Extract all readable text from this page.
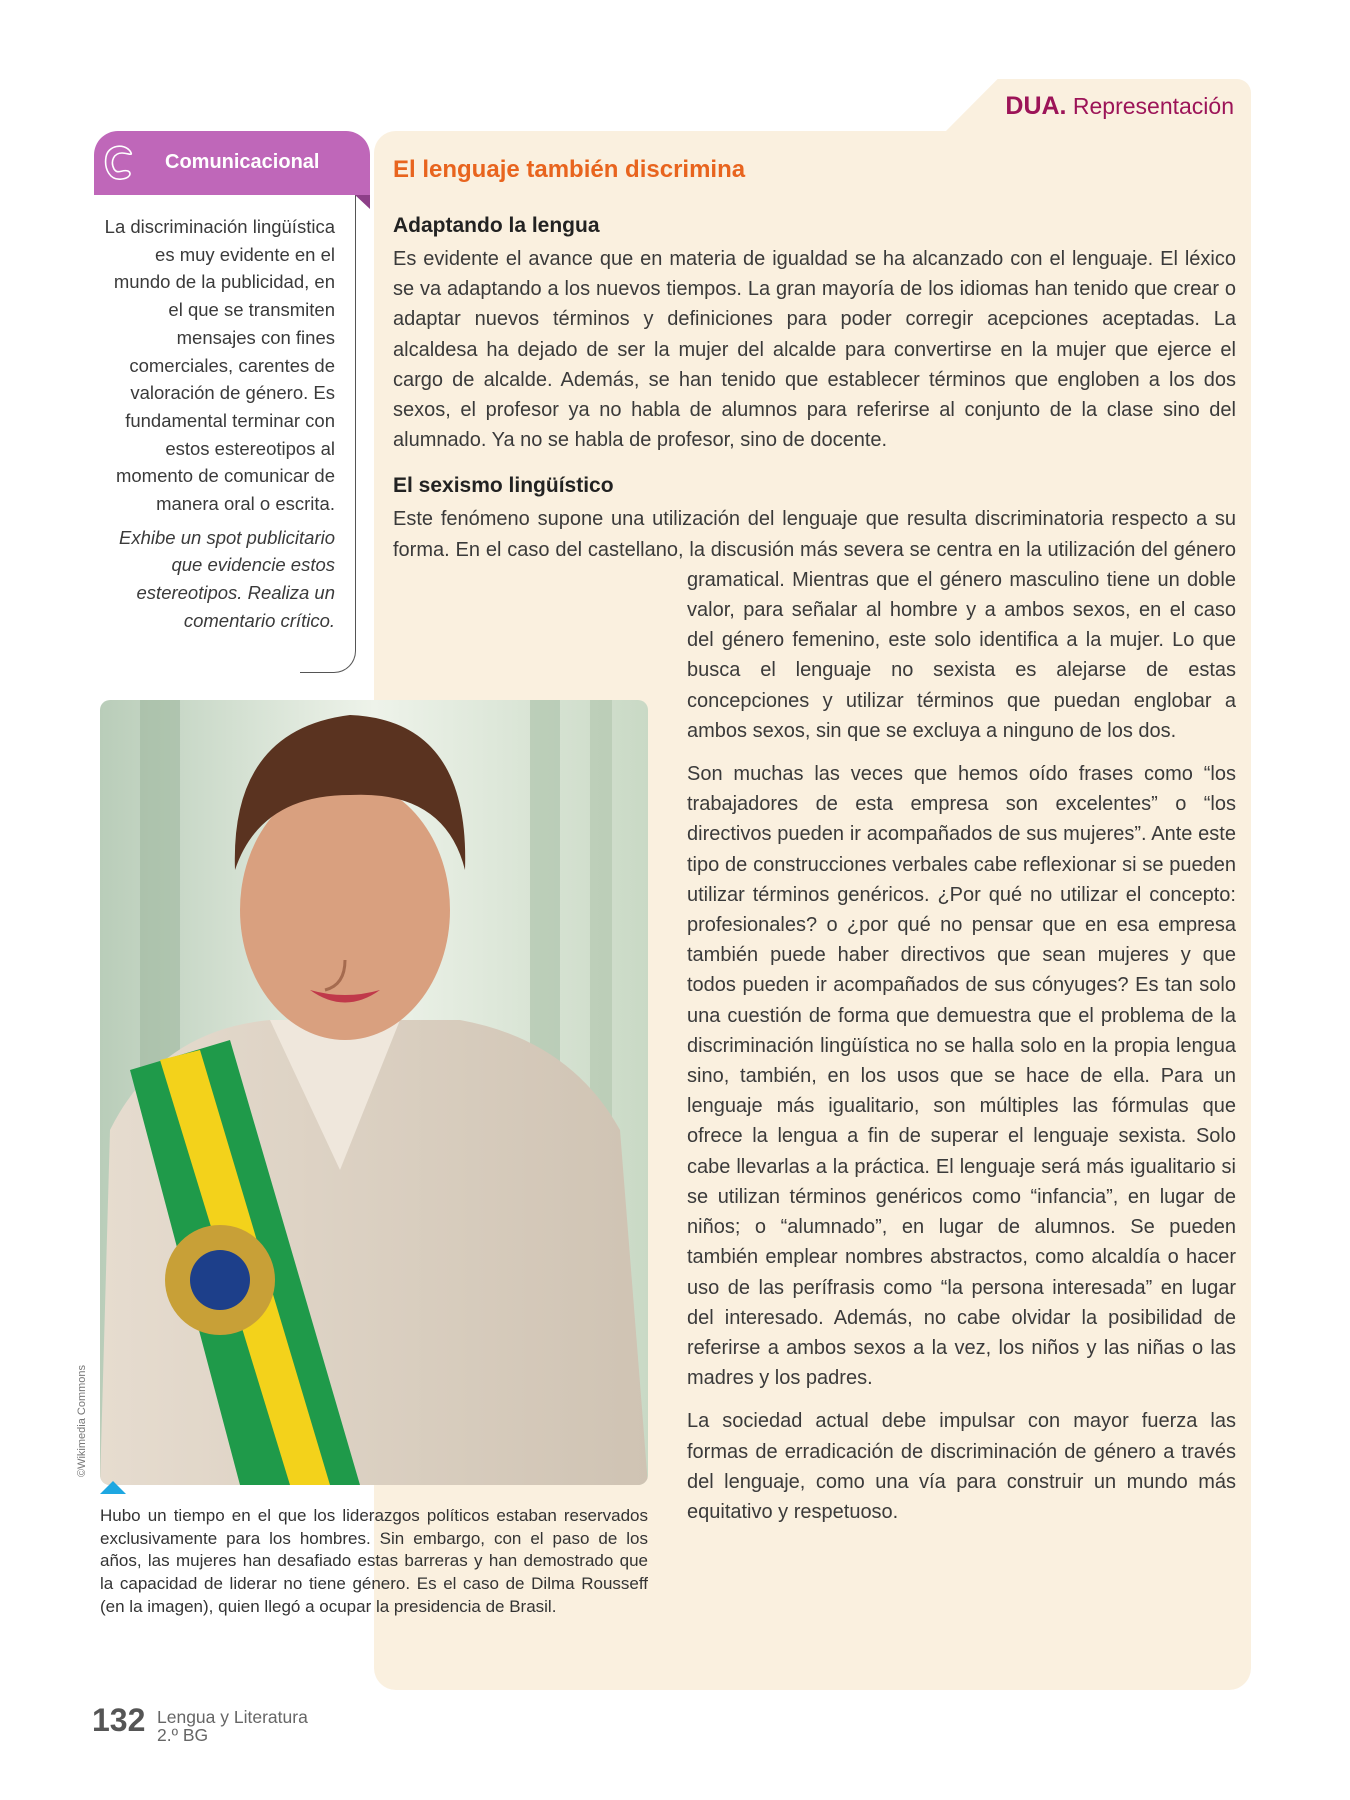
DUA. Representación
Comunicacional

La discriminación lingüística es muy evidente en el mundo de la publicidad, en el que se transmiten mensajes con fines comerciales, carentes de valoración de género. Es fundamental terminar con estos estereotipos al momento de comunicar de manera oral o escrita.

Exhibe un spot publicitario que evidencie estos estereotipos. Realiza un comentario crítico.

El lenguaje también discrimina
Adaptando la lengua

Es evidente el avance que en materia de igualdad se ha alcanzado con el lenguaje. El léxico se va adaptando a los nuevos tiempos. La gran mayoría de los idiomas han tenido que crear o adaptar nuevos términos y definiciones para poder corregir acepciones aceptadas. La alcaldesa ha dejado de ser la mujer del alcalde para convertirse en la mujer que ejerce el cargo de alcalde. Además, se han tenido que establecer términos que engloben a los dos sexos, el profesor ya no habla de alumnos para referirse al conjunto de la clase sino del alumnado. Ya no se habla de profesor, sino de docente.

El sexismo lingüístico

Este fenómeno supone una utilización del lenguaje que resulta discriminatoria respecto a su forma. En el caso del castellano, la discusión más severa se centra en la utilización del género gramatical. Mientras que el género masculino tiene un doble valor, para señalar al hombre y a ambos sexos, en el caso del género femenino, este solo identifica a la mujer. Lo que busca el lenguaje no sexista es alejarse de estas concepciones y utilizar términos que puedan englobar a ambos sexos, sin que se excluya a ninguno de los dos.

Son muchas las veces que hemos oído frases como “los trabajadores de esta empresa son excelentes” o “los directivos pueden ir acompañados de sus mujeres”. Ante este tipo de construcciones verbales cabe reflexionar si se pueden utilizar términos genéricos. ¿Por qué no utilizar el concepto: profesionales? o ¿por qué no pensar que en esa empresa también puede haber directivos que sean mujeres y que todos pueden ir acompañados de sus cónyuges? Es tan solo una cuestión de forma que demuestra que el problema de la discriminación lingüística no se halla solo en la propia lengua sino, también, en los usos que se hace de ella. Para un lenguaje más igualitario, son múltiples las fórmulas que ofrece la lengua a fin de superar el lenguaje sexista. Solo cabe llevarlas a la práctica. El lenguaje será más igualitario si se utilizan términos genéricos como “infancia”, en lugar de niños; o “alumnado”, en lugar de alumnos. Se pueden también emplear nombres abstractos, como alcaldía o hacer uso de las perífrasis como “la persona interesada” en lugar del interesado. Además, no cabe olvidar la posibilidad de referirse a ambos sexos a la vez, los niños y las niñas o las madres y los padres.

La sociedad actual debe impulsar con mayor fuerza las formas de erradicación de discriminación de género a través del lenguaje, como una vía para construir un mundo más equitativo y respetuoso.

©Wikimedia Commons
Hubo un tiempo en el que los liderazgos políticos estaban reservados exclusivamente para los hombres. Sin embargo, con el paso de los años, las mujeres han desafiado estas barreras y han demostrado que la capacidad de liderar no tiene género. Es el caso de Dilma Rousseff (en la imagen), quien llegó a ocupar la presidencia de Brasil.
132 Lengua y Literatura
2.º BG
